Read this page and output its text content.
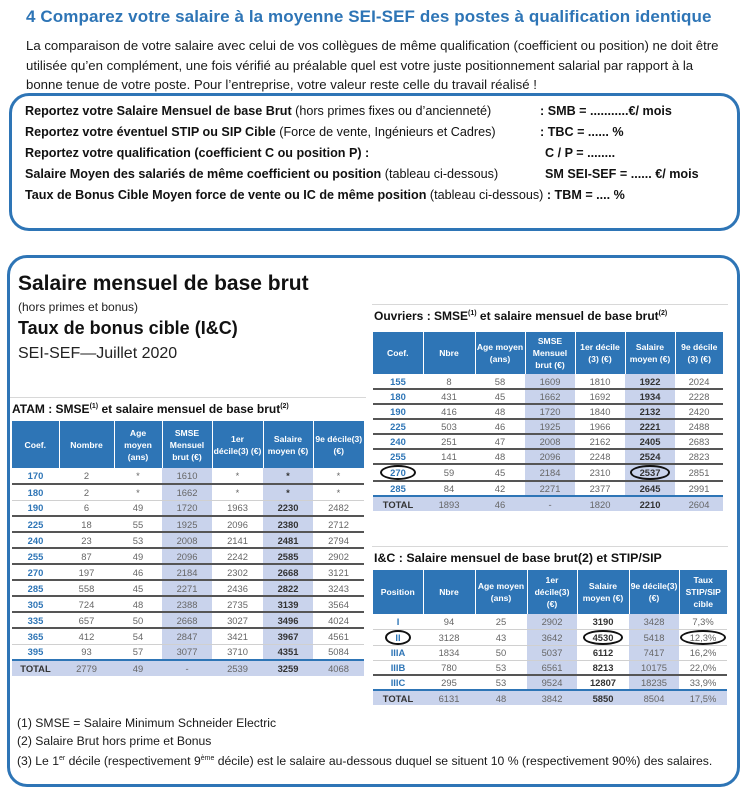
4 Comparez votre salaire à la moyenne SEI-SEF des postes à qualification identique
La comparaison de votre salaire avec celui de vos collègues de même qualification (coefficient ou position) ne doit être utilisée qu’en complément, une fois vérifié au préalable quel est votre juste positionnement salarial par rapport à la bonne tenue de votre poste. Pour l’entreprise, votre valeur reste celle du travail réalisé !
Reportez votre Salaire Mensuel de base Brut (hors primes fixes ou d’ancienneté)	: SMB = ...........€/ mois
Reportez votre éventuel STIP ou SIP Cible (Force de vente, Ingénieurs et Cadres)	: TBC = ...... %
Reportez votre qualification (coefficient C ou position P) :	C / P = ........
Salaire Moyen des salariés de même coefficient ou position (tableau ci-dessous)	SM SEI-SEF = ...... €/ mois
Taux de Bonus Cible Moyen force de vente ou IC de même position (tableau ci-dessous) : TBM = .... %
Salaire mensuel de base brut
(hors primes et bonus)
Taux de bonus cible (I&C)
SEI-SEF—Juillet 2020
ATAM : SMSE$^{(1)}$ et salaire mensuel de base brut$^{(2)}$
Coef.	Nombre	Age moyen (ans)	SMSE Mensuel brut (€)	1er décile(3) (€)	Salaire moyen (€)	9e décile(3) (€)
170	2	*	1610	*	*	*
180	2	*	1662	*	*	*
190	6	49	1720	1963	2230	2482
225	18	55	1925	2096	2380	2712
240	23	53	2008	2141	2481	2794
255	87	49	2096	2242	2585	2902
270	197	46	2184	2302	2668	3121
285	558	45	2271	2436	2822	3243
305	724	48	2388	2735	3139	3564
335	657	50	2668	3027	3496	4024
365	412	54	2847	3421	3967	4561
395	93	57	3077	3710	4351	5084
TOTAL	2779	49	-	2539	3259	4068
Ouvriers : SMSE$^{(1)}$ et salaire mensuel de base brut$^{(2)}$
Coef.	Nbre	Age moyen (ans)	SMSE Mensuel brut (€)	1er décile (3) (€)	Salaire moyen (€)	9e décile (3) (€)
155	8	58	1609	1810	1922	2024
180	431	45	1662	1692	1934	2228
190	416	48	1720	1840	2132	2420
225	503	46	1925	1966	2221	2488
240	251	47	2008	2162	2405	2683
255	141	48	2096	2248	2524	2823
270	59	45	2184	2310	2537	2851
285	84	42	2271	2377	2645	2991
TOTAL	1893	46	-	1820	2210	2604
I&C : Salaire mensuel de base brut(2) et STIP/SIP
Position	Nbre	Age moyen (ans)	1er décile(3) (€)	Salaire moyen (€)	9e décile(3) (€)	Taux STIP/SIP cible
I	94	25	2902	3190	3428	7,3%
II	3128	43	3642	4530	5418	12,3%
IIIA	1834	50	5037	6112	7417	16,2%
IIIB	780	53	6561	8213	10175	22,0%
IIIC	295	53	9524	12807	18235	33,9%
TOTAL	6131	48	3842	5850	8504	17,5%
(1) SMSE = Salaire Minimum Schneider Electric
(2) Salaire Brut hors prime et Bonus
(3) Le 1er décile (respectivement 9ème décile) est le salaire au-dessous duquel se situent 10 % (respectivement 90%) des salaires.
